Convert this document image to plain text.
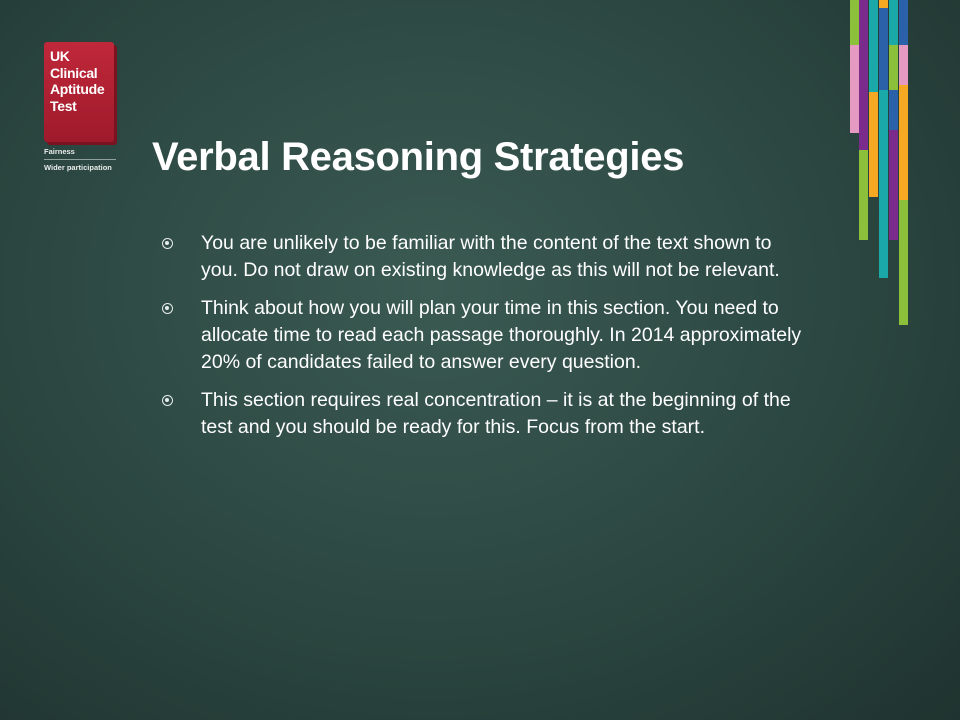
UK
Clinical
Aptitude
Test
Fairness
Wider participation	Verbal Reasoning Strategies
You are unlikely to be familiar with the content of the text shown to you. Do not draw on existing knowledge as this will not be relevant.
Think about how you will plan your time in this section. You need to allocate time to read each passage thoroughly. In 2014 approximately 20% of candidates failed to answer every question.
This section requires real concentration – it is at the beginning of the test and you should be ready for this. Focus from the start.
